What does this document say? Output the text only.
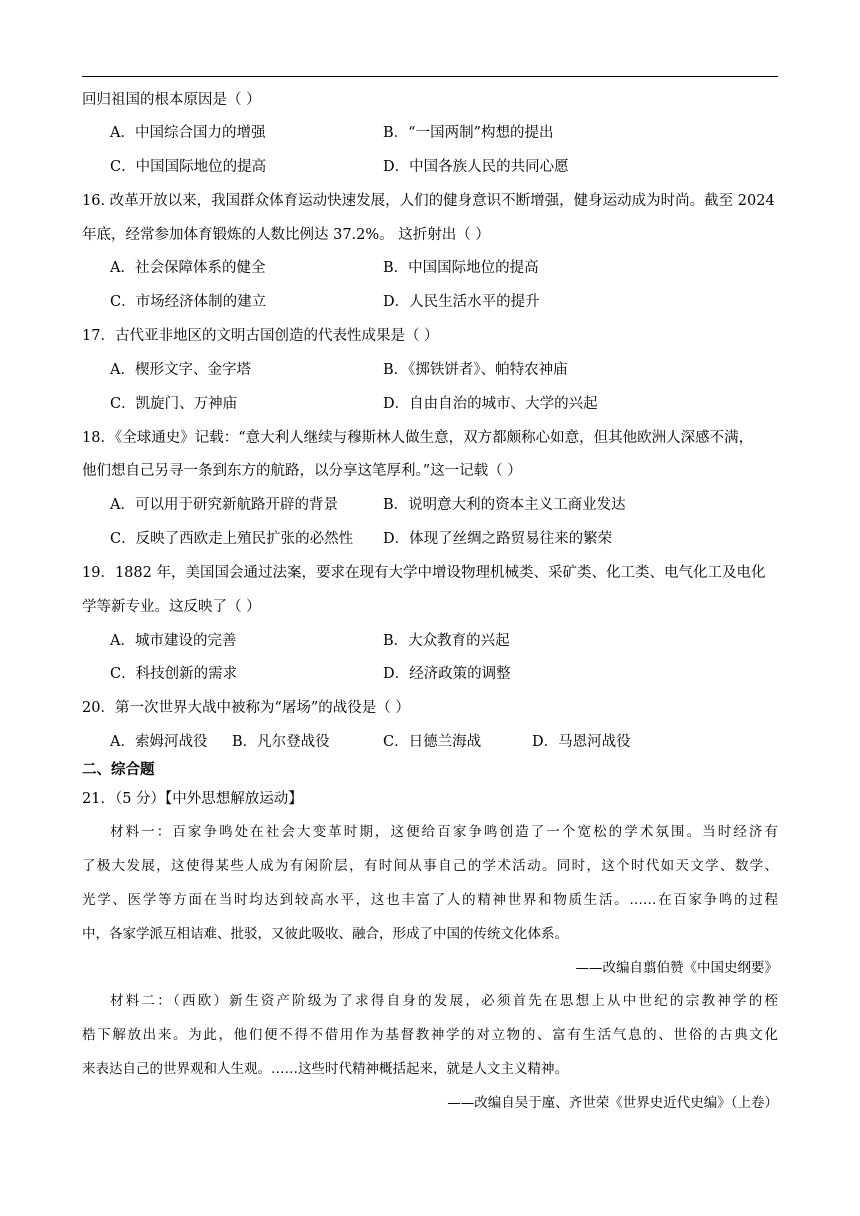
回归祖国的根本原因是（ ）
A．中国综合国力的增强	B．“一国两制”构想的提出
C．中国国际地位的提高	D．中国各族人民的共同心愿
16. 改革开放以来，我国群众体育运动快速发展，人们的健身意识不断增强，健身运动成为时尚。截至 2024
年底，经常参加体育锻炼的人数比例达 37.2%。 这折射出（ ）
A．社会保障体系的健全	B．中国国际地位的提高
C．市场经济体制的建立	D．人民生活水平的提升
17．古代亚非地区的文明古国创造的代表性成果是（ ）
A．楔形文字、金字塔	B．《掷铁饼者》、帕特农神庙
C．凯旋门、万神庙	D．自由自治的城市、大学的兴起
18．《全球通史》记载：“意大利人继续与穆斯林人做生意，双方都颇称心如意，但其他欧洲人深感不满，
他们想自己另寻一条到东方的航路，以分享这笔厚利。”这一记载（ ）
A．可以用于研究新航路开辟的背景	B．说明意大利的资本主义工商业发达
C．反映了西欧走上殖民扩张的必然性 D．体现了丝绸之路贸易往来的繁荣
19．1882 年，美国国会通过法案，要求在现有大学中增设物理机械类、采矿类、化工类、电气化工及电化
学等新专业。这反映了（ ）
A．城市建设的完善	B．大众教育的兴起
C．科技创新的需求	D．经济政策的调整
20．第一次世界大战中被称为“屠场”的战役是（ ）
A．索姆河战役 B．凡尔登战役	C．日德兰海战	D．马恩河战役
二、综合题
21．（5 分）【中外思想解放运动】
材料一：百家争鸣处在社会大变革时期，这便给百家争鸣创造了一个宽松的学术氛围。当时经济有
了极大发展，这使得某些人成为有闲阶层，有时间从事自己的学术活动。同时，这个时代如天文学、数学、
光学、医学等方面在当时均达到较高水平，这也丰富了人的精神世界和物质生活。……在百家争鸣的过程
中，各家学派互相诘难、批驳，又彼此吸收、融合，形成了中国的传统文化体系。
——改编自翦伯赞《中国史纲要》
材料二：（西欧）新生资产阶级为了求得自身的发展，必须首先在思想上从中世纪的宗教神学的桎
梏下解放出来。为此，他们便不得不借用作为基督教神学的对立物的、富有生活气息的、世俗的古典文化
来表达自己的世界观和人生观。……这些时代精神概括起来，就是人文主义精神。
——改编自吴于廑、齐世荣《世界史近代史编》（上卷）
